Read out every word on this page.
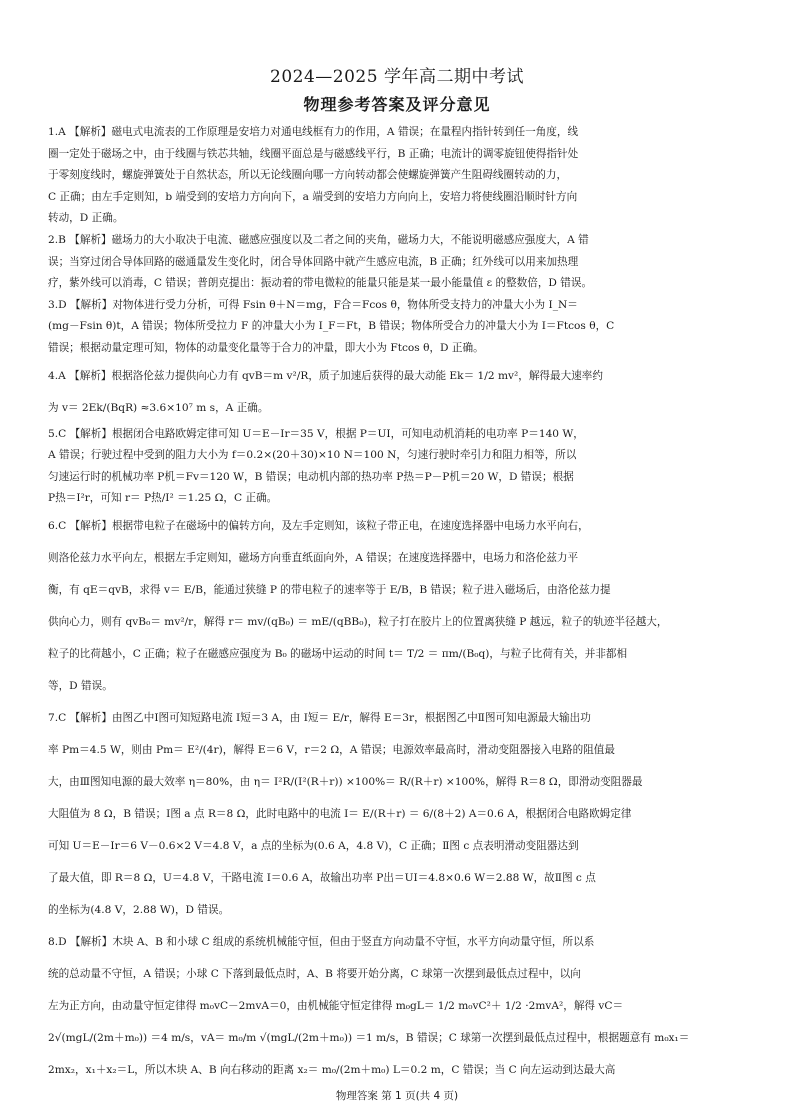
2024—2025 学年高二期中考试
物理参考答案及评分意见

1.A 【解析】磁电式电流表的工作原理是安培力对通电线框有力的作用，A 错误；在量程内指针转到任一角度，线
圈一定处于磁场之中，由于线圈与铁芯共轴，线圈平面总是与磁感线平行，B 正确；电流计的调零旋钮使得指针处
于零刻度线时，螺旋弹簧处于自然状态，所以无论线圈向哪一方向转动都会使螺旋弹簧产生阻碍线圈转动的力，
C 正确；由左手定则知，b 端受到的安培力方向向下，a 端受到的安培力方向向上，安培力将使线圈沿顺时针方向
转动，D 正确。

2.B 【解析】磁场力的大小取决于电流、磁感应强度以及二者之间的夹角，磁场力大，不能说明磁感应强度大，A 错
误；当穿过闭合导体回路的磁通量发生变化时，闭合导体回路中就产生感应电流，B 正确；红外线可以用来加热理
疗，紫外线可以消毒，C 错误；普朗克提出：振动着的带电微粒的能量只能是某一最小能量值 ε 的整数倍，D 错误。

3.D 【解析】对物体进行受力分析，可得 Fsin θ＋N＝mg，F合＝Fcos θ，物体所受支持力的冲量大小为 I_N＝
(mg－Fsin θ)t，A 错误；物体所受拉力 F 的冲量大小为 I_F＝Ft，B 错误；物体所受合力的冲量大小为 I＝Ftcos θ，C
错误；根据动量定理可知，物体的动量变化量等于合力的冲量，即大小为 Ftcos θ，D 正确。

4.A 【解析】根据洛伦兹力提供向心力有 qvB＝m v²/R，质子加速后获得的最大动能 Ek＝ 1/2 mv²，解得最大速率约
为 v＝ 2Ek/(BqR) ≈3.6×10⁷ m s，A 正确。

5.C 【解析】根据闭合电路欧姆定律可知 U＝E－Ir＝35 V，根据 P＝UI，可知电动机消耗的电功率 P＝140 W，
A 错误；行驶过程中受到的阻力大小为 f＝0.2×(20＋30)×10 N＝100 N，匀速行驶时牵引力和阻力相等，所以
匀速运行时的机械功率 P机＝Fv＝120 W，B 错误；电动机内部的热功率 P热＝P－P机＝20 W，D 错误；根据
P热＝I²r，可知 r＝ P热/I² ＝1.25 Ω，C 正确。

6.C 【解析】根据带电粒子在磁场中的偏转方向，及左手定则知，该粒子带正电，在速度选择器中电场力水平向右，
则洛伦兹力水平向左，根据左手定则知，磁场方向垂直纸面向外，A 错误；在速度选择器中，电场力和洛伦兹力平
衡，有 qE＝qvB，求得 v＝ E/B，能通过狭缝 P 的带电粒子的速率等于 E/B，B 错误；粒子进入磁场后，由洛伦兹力提
供向心力，则有 qvB₀＝ mv²/r，解得 r＝ mv/(qB₀) ＝ mE/(qBB₀)，粒子打在胶片上的位置离狭缝 P 越远，粒子的轨迹半径越大，
粒子的比荷越小，C 正确；粒子在磁感应强度为 B₀ 的磁场中运动的时间 t＝ T/2 ＝ πm/(B₀q)，与粒子比荷有关，并非都相
等，D 错误。

7.C 【解析】由图乙中Ⅰ图可知短路电流 I短＝3 A，由 I短＝ E/r，解得 E＝3r，根据图乙中Ⅱ图可知电源最大输出功
率 Pm＝4.5 W，则由 Pm＝ E²/(4r)，解得 E＝6 V，r＝2 Ω，A 错误；电源效率最高时，滑动变阻器接入电路的阻值最
大，由Ⅲ图知电源的最大效率 η＝80%，由 η＝ I²R/(I²(R＋r)) ×100%＝ R/(R＋r) ×100%，解得 R＝8 Ω，即滑动变阻器最
大阻值为 8 Ω，B 错误；Ⅰ图 a 点 R＝8 Ω，此时电路中的电流 I＝ E/(R＋r) ＝ 6/(8＋2) A＝0.6 A，根据闭合电路欧姆定律
可知 U＝E－Ir＝6 V－0.6×2 V＝4.8 V，a 点的坐标为(0.6 A，4.8 V)，C 正确；Ⅱ图 c 点表明滑动变阻器达到
了最大值，即 R＝8 Ω，U＝4.8 V，干路电流 I＝0.6 A，故输出功率 P出＝UI＝4.8×0.6 W＝2.88 W，故Ⅱ图 c 点
的坐标为(4.8 V，2.88 W)，D 错误。

8.D 【解析】木块 A、B 和小球 C 组成的系统机械能守恒，但由于竖直方向动量不守恒，水平方向动量守恒，所以系
统的总动量不守恒，A 错误；小球 C 下落到最低点时，A、B 将要开始分离，C 球第一次摆到最低点过程中，以向
左为正方向，由动量守恒定律得 m₀vC－2mvA＝0，由机械能守恒定律得 m₀gL＝ 1/2 m₀vC²＋ 1/2 ·2mvA²，解得 vC＝
2√(mgL/(2m＋m₀)) ＝4 m/s，vA＝ m₀/m √(mgL/(2m＋m₀)) ＝1 m/s，B 错误；C 球第一次摆到最低点过程中，根据题意有 m₀x₁＝
2mx₂，x₁＋x₂＝L，所以木块 A、B 向右移动的距离 x₂＝ m₀/(2m＋m₀) L＝0.2 m，C 错误；当 C 向左运动到达最大高

物理答案 第 1 页(共 4 页)
